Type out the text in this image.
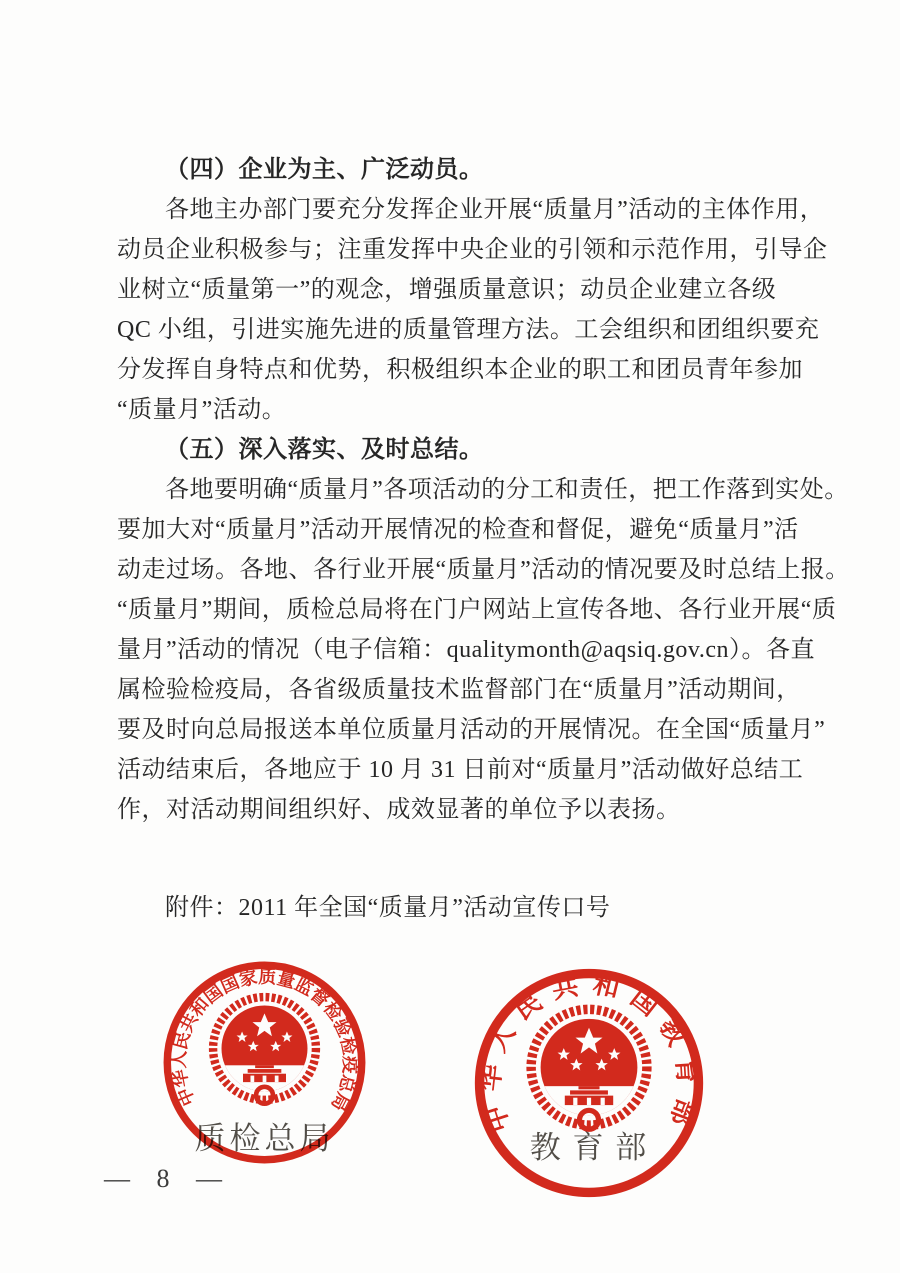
（四）企业为主、广泛动员。
各地主办部门要充分发挥企业开展“质量月”活动的主体作用，
动员企业积极参与；注重发挥中央企业的引领和示范作用，引导企
业树立“质量第一”的观念，增强质量意识；动员企业建立各级
QC 小组，引进实施先进的质量管理方法。工会组织和团组织要充
分发挥自身特点和优势，积极组织本企业的职工和团员青年参加
“质量月”活动。
（五）深入落实、及时总结。
各地要明确“质量月”各项活动的分工和责任，把工作落到实处。
要加大对“质量月”活动开展情况的检查和督促，避免“质量月”活
动走过场。各地、各行业开展“质量月”活动的情况要及时总结上报。
“质量月”期间，质检总局将在门户网站上宣传各地、各行业开展“质
量月”活动的情况（电子信箱：qualitymonth@aqsiq.gov.cn）。各直
属检验检疫局，各省级质量技术监督部门在“质量月”活动期间，
要及时向总局报送本单位质量月活动的开展情况。在全国“质量月”
活动结束后，各地应于 10 月 31 日前对“质量月”活动做好总结工
作，对活动期间组织好、成效显著的单位予以表扬。
附件：2011 年全国“质量月”活动宣传口号
质检总局
中华人民共和国国家质量监督检验检疫总局
教 育 部
中华人民共和国教育部
— 8 —
